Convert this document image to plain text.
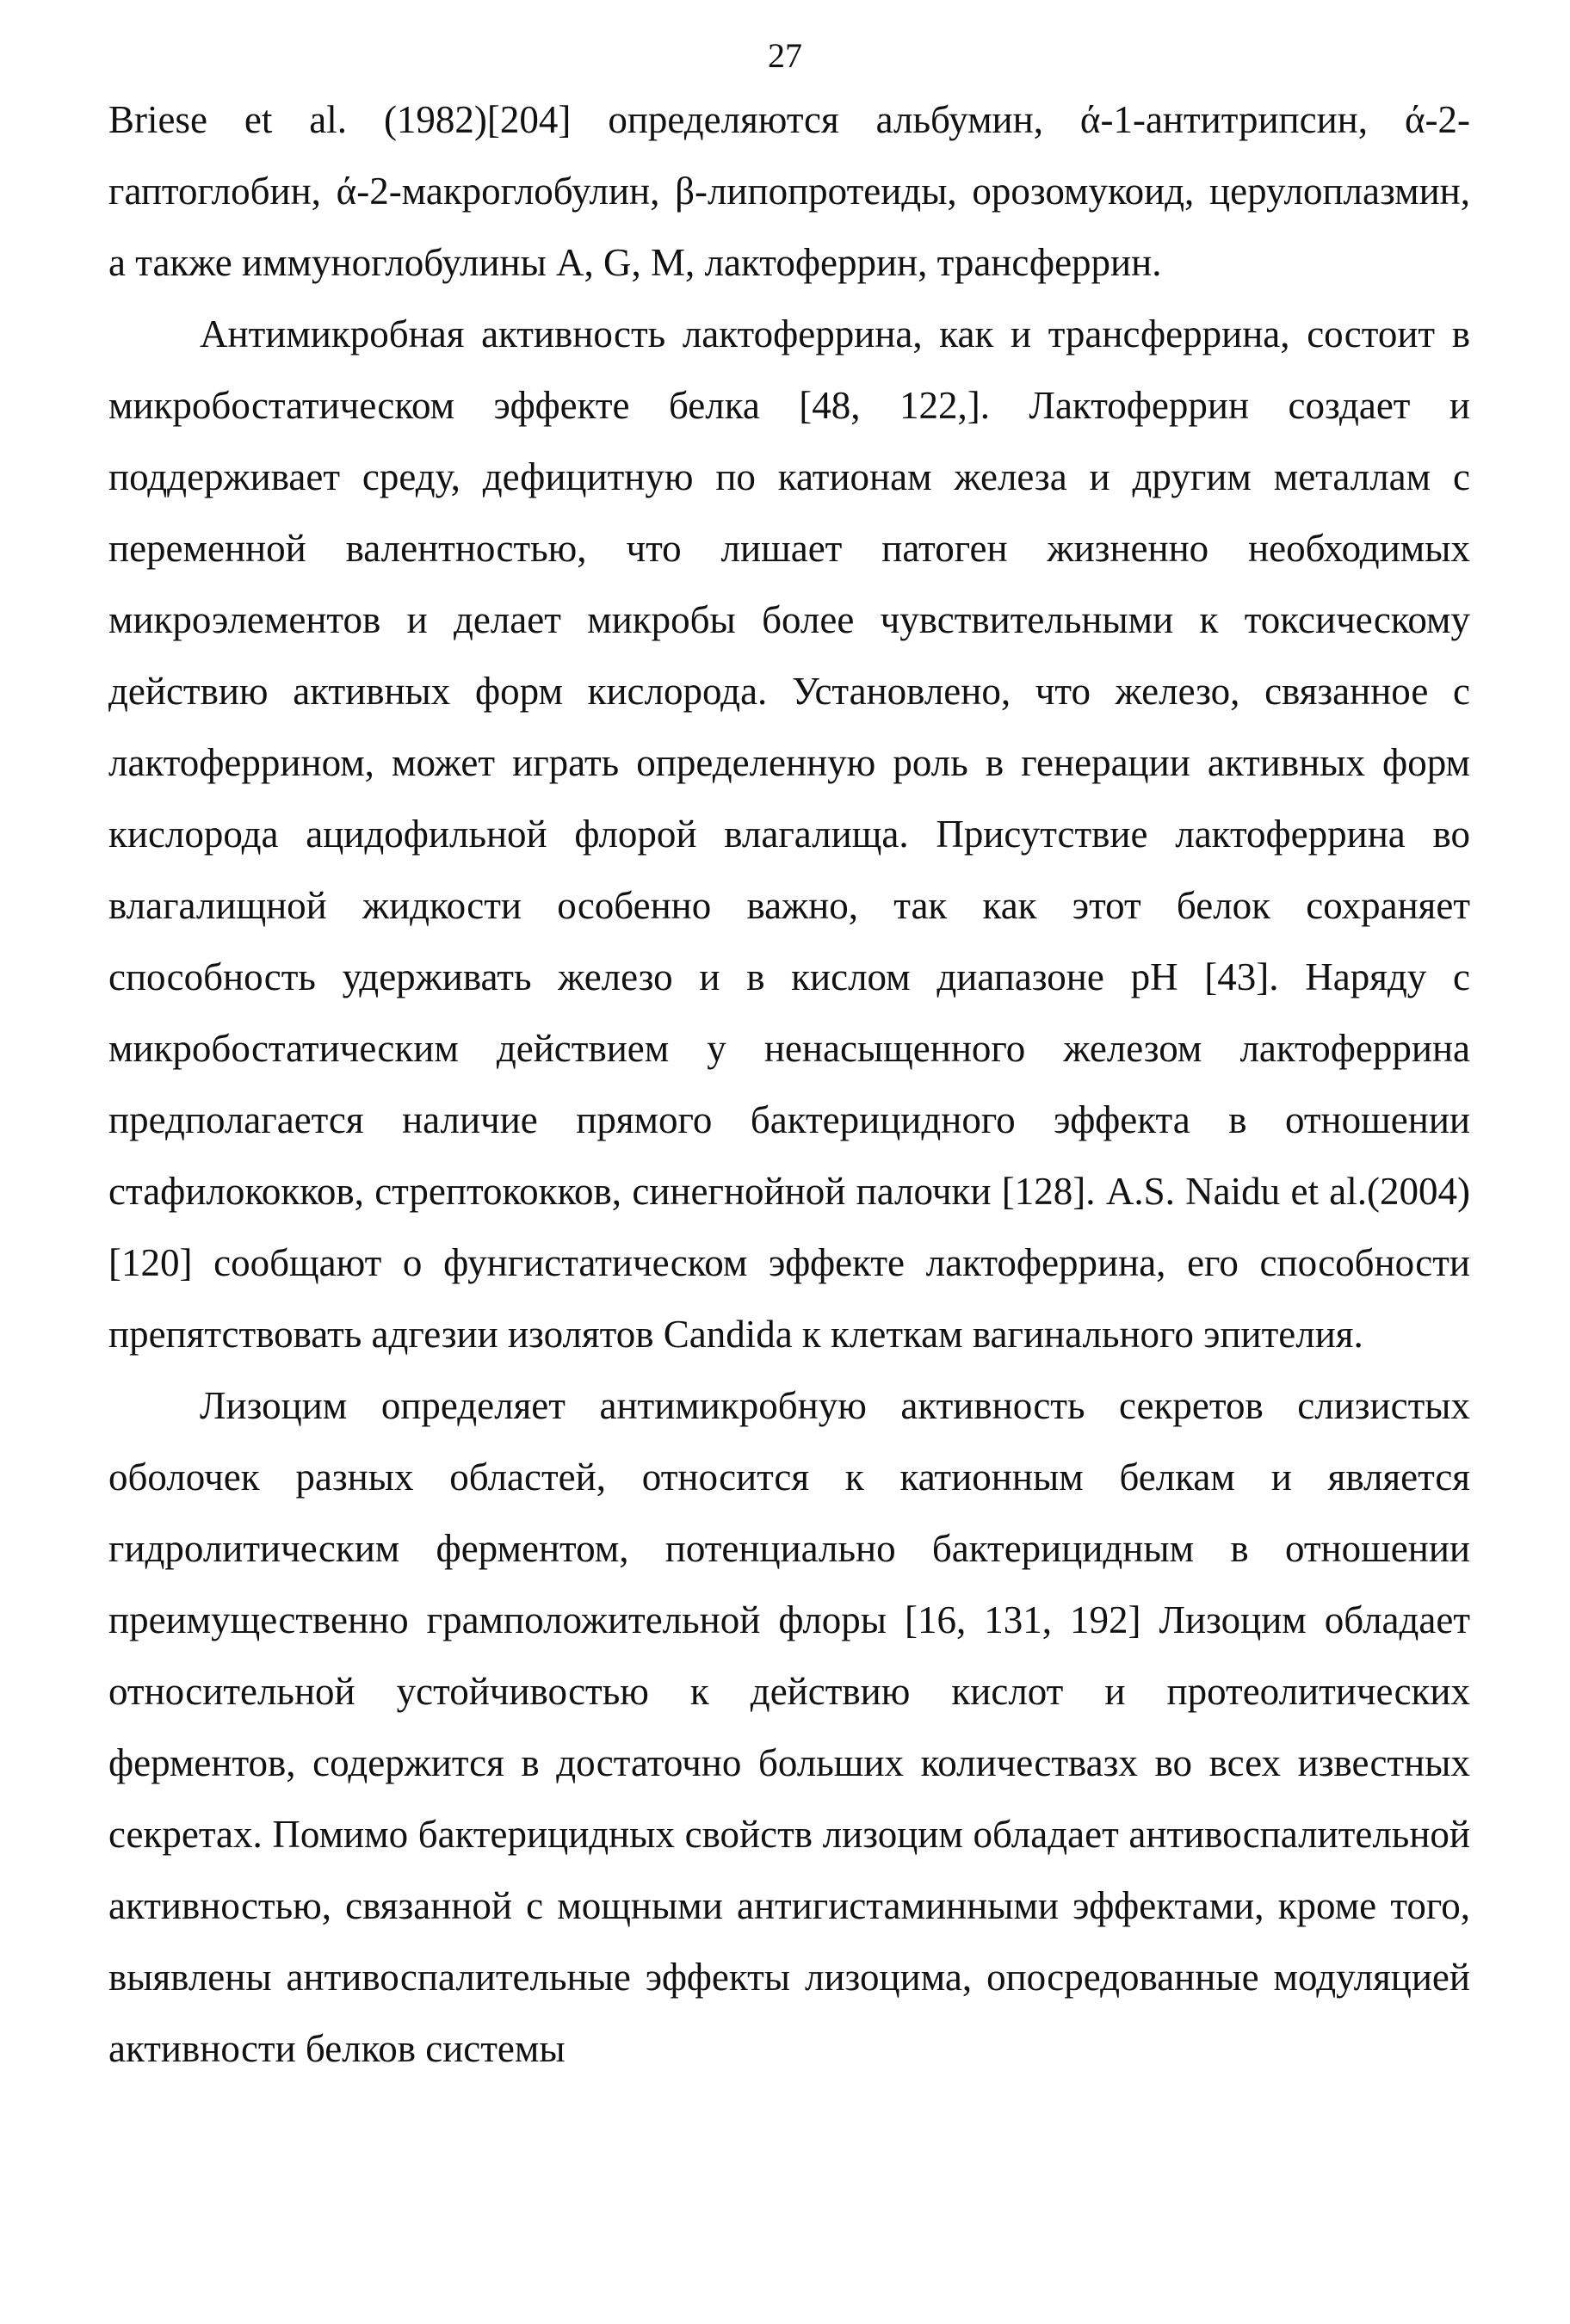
27

Briese et al. (1982)[204] определяются альбумин, ά-1-антитрипсин, ά-2-гаптоглобин, ά-2-макроглобулин, β-липопротеиды, орозомукоид, церулоплазмин, а также иммуноглобулины A, G, M, лактоферрин, трансферрин.

Антимикробная активность лактоферрина, как и трансферрина, состоит в микробостатическом эффекте белка [48, 122,]. Лактоферрин создает и поддерживает среду, дефицитную по катионам железа и другим металлам с переменной валентностью, что лишает патоген жизненно необходимых микроэлементов и делает микробы более чувствительными к токсическому действию активных форм кислорода. Установлено, что железо, связанное с лактоферрином, может играть определенную роль в генерации активных форм кислорода ацидофильной флорой влагалища. Присутствие лактоферрина во влагалищной жидкости особенно важно, так как этот белок сохраняет способность удерживать железо и в кислом диапазоне pH [43]. Наряду с микробостатическим действием у ненасыщенного железом лактоферрина предполагается наличие прямого бактерицидного эффекта в отношении стафилококков, стрептококков, синегнойной палочки [128]. A.S. Naidu et al.(2004)[120] сообщают о фунгистатическом эффекте лактоферрина, его способности препятствовать адгезии изолятов Candida к клеткам вагинального эпителия.

Лизоцим определяет антимикробную активность секретов слизистых оболочек разных областей, относится к катионным белкам и является гидролитическим ферментом, потенциально бактерицидным в отношении преимущественно грамположительной флоры [16, 131, 192] Лизоцим обладает относительной устойчивостью к действию кислот и протеолитических ферментов, содержится в достаточно больших количествазх во всех известных секретах. Помимо бактерицидных свойств лизоцим обладает антивоспалительной активностью, связанной с мощными антигистаминными эффектами, кроме того, выявлены антивоспалительные эффекты лизоцима, опосредованные модуляцией активности белков системы
